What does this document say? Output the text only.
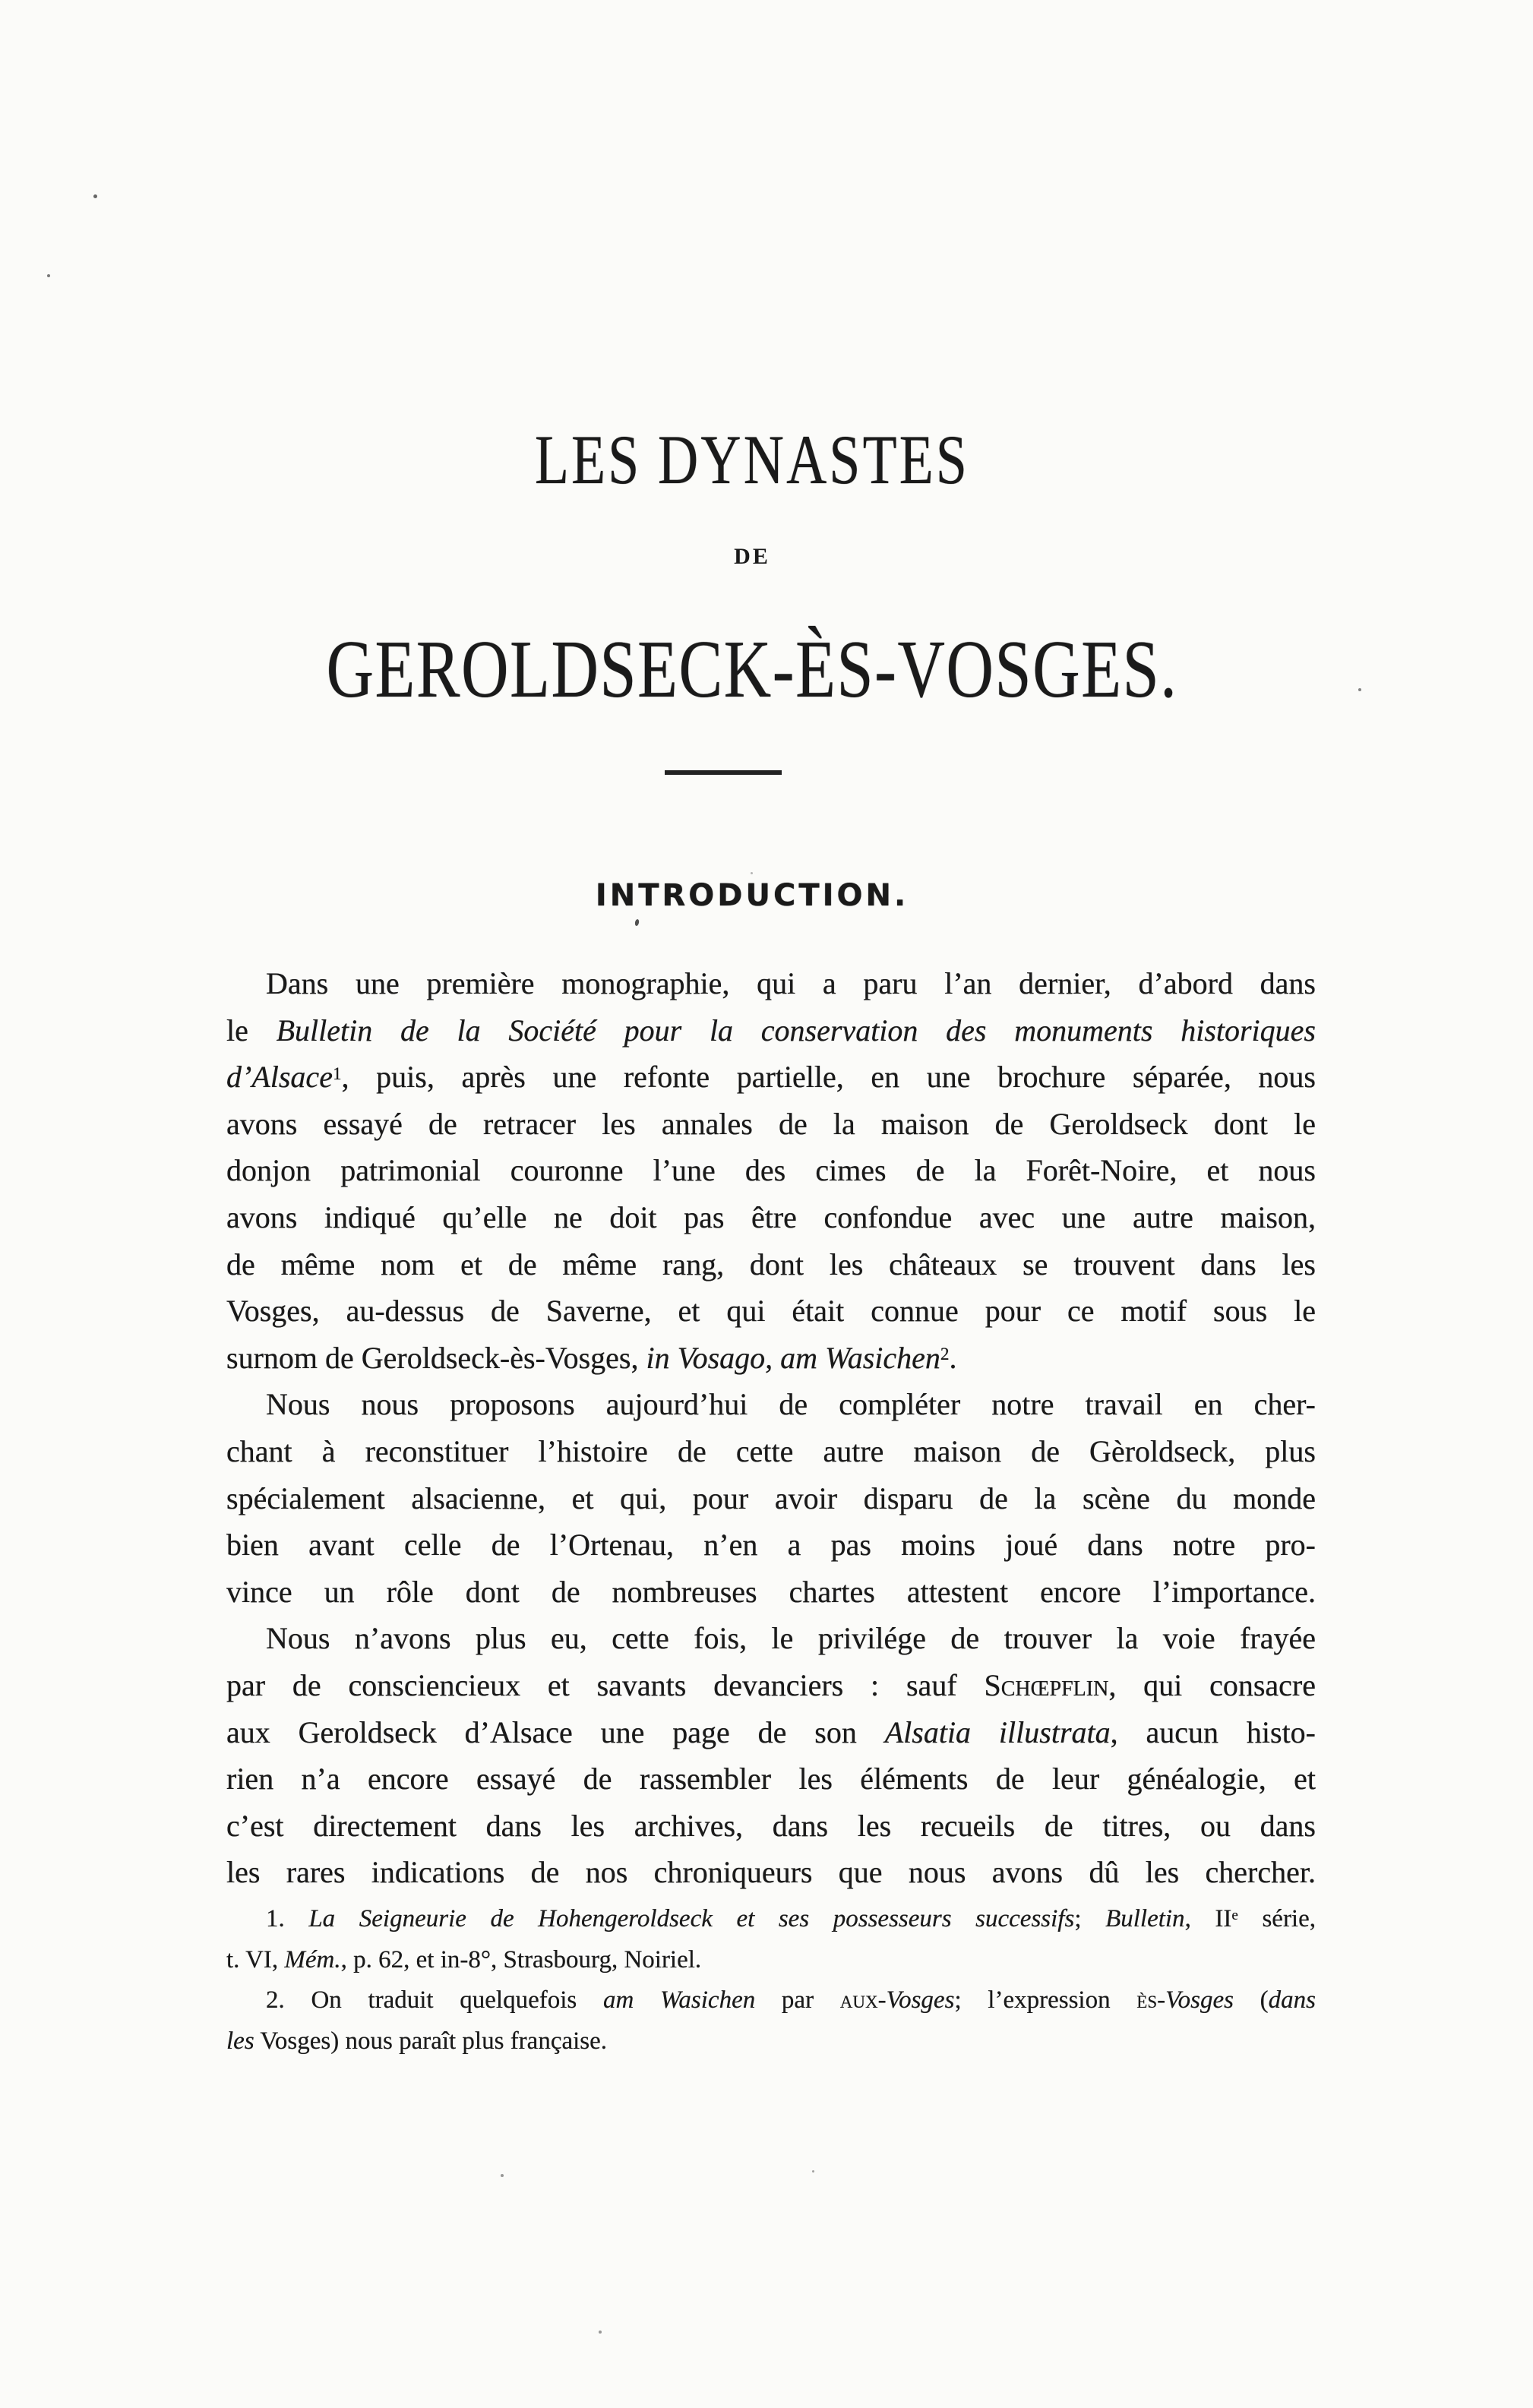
LES DYNASTES
DE
GEROLDSECK-ÈS-VOSGES.
INTRODUCTION.
Dans une première monographie, qui a paru l’an dernier, d’abord dans
le Bulletin de la Société pour la conservation des monuments historiques
d’Alsace$^1$, puis, après une refonte partielle, en une brochure séparée, nous
avons essayé de retracer les annales de la maison de Geroldseck dont le
donjon patrimonial couronne l’une des cimes de la Forêt-Noire, et nous
avons indiqué qu’elle ne doit pas être confondue avec une autre maison,
de même nom et de même rang, dont les châteaux se trouvent dans les
Vosges, au-dessus de Saverne, et qui était connue pour ce motif sous le
surnom de Geroldseck-ès-Vosges, in Vosago, am Wasichen$^2$.
Nous nous proposons aujourd’hui de compléter notre travail en cher-
chant à reconstituer l’histoire de cette autre maison de Gèroldseck, plus
spécialement alsacienne, et qui, pour avoir disparu de la scène du monde
bien avant celle de l’Ortenau, n’en a pas moins joué dans notre pro-
vince un rôle dont de nombreuses chartes attestent encore l’importance.
Nous n’avons plus eu, cette fois, le privilége de trouver la voie frayée
par de consciencieux et savants devanciers : sauf Schœpflin, qui consacre
aux Geroldseck d’Alsace une page de son Alsatia illustrata, aucun histo-
rien n’a encore essayé de rassembler les éléments de leur généalogie, et
c’est directement dans les archives, dans les recueils de titres, ou dans
les rares indications de nos chroniqueurs que nous avons dû les chercher.
1. La Seigneurie de Hohengeroldseck et ses possesseurs successifs; Bulletin, IIe série,
t. VI, Mém., p. 62, et in-8°, Strasbourg, Noiriel.
2. On traduit quelquefois am Wasichen par aux-Vosges; l’expression ès-Vosges (dans
les Vosges) nous paraît plus française.
